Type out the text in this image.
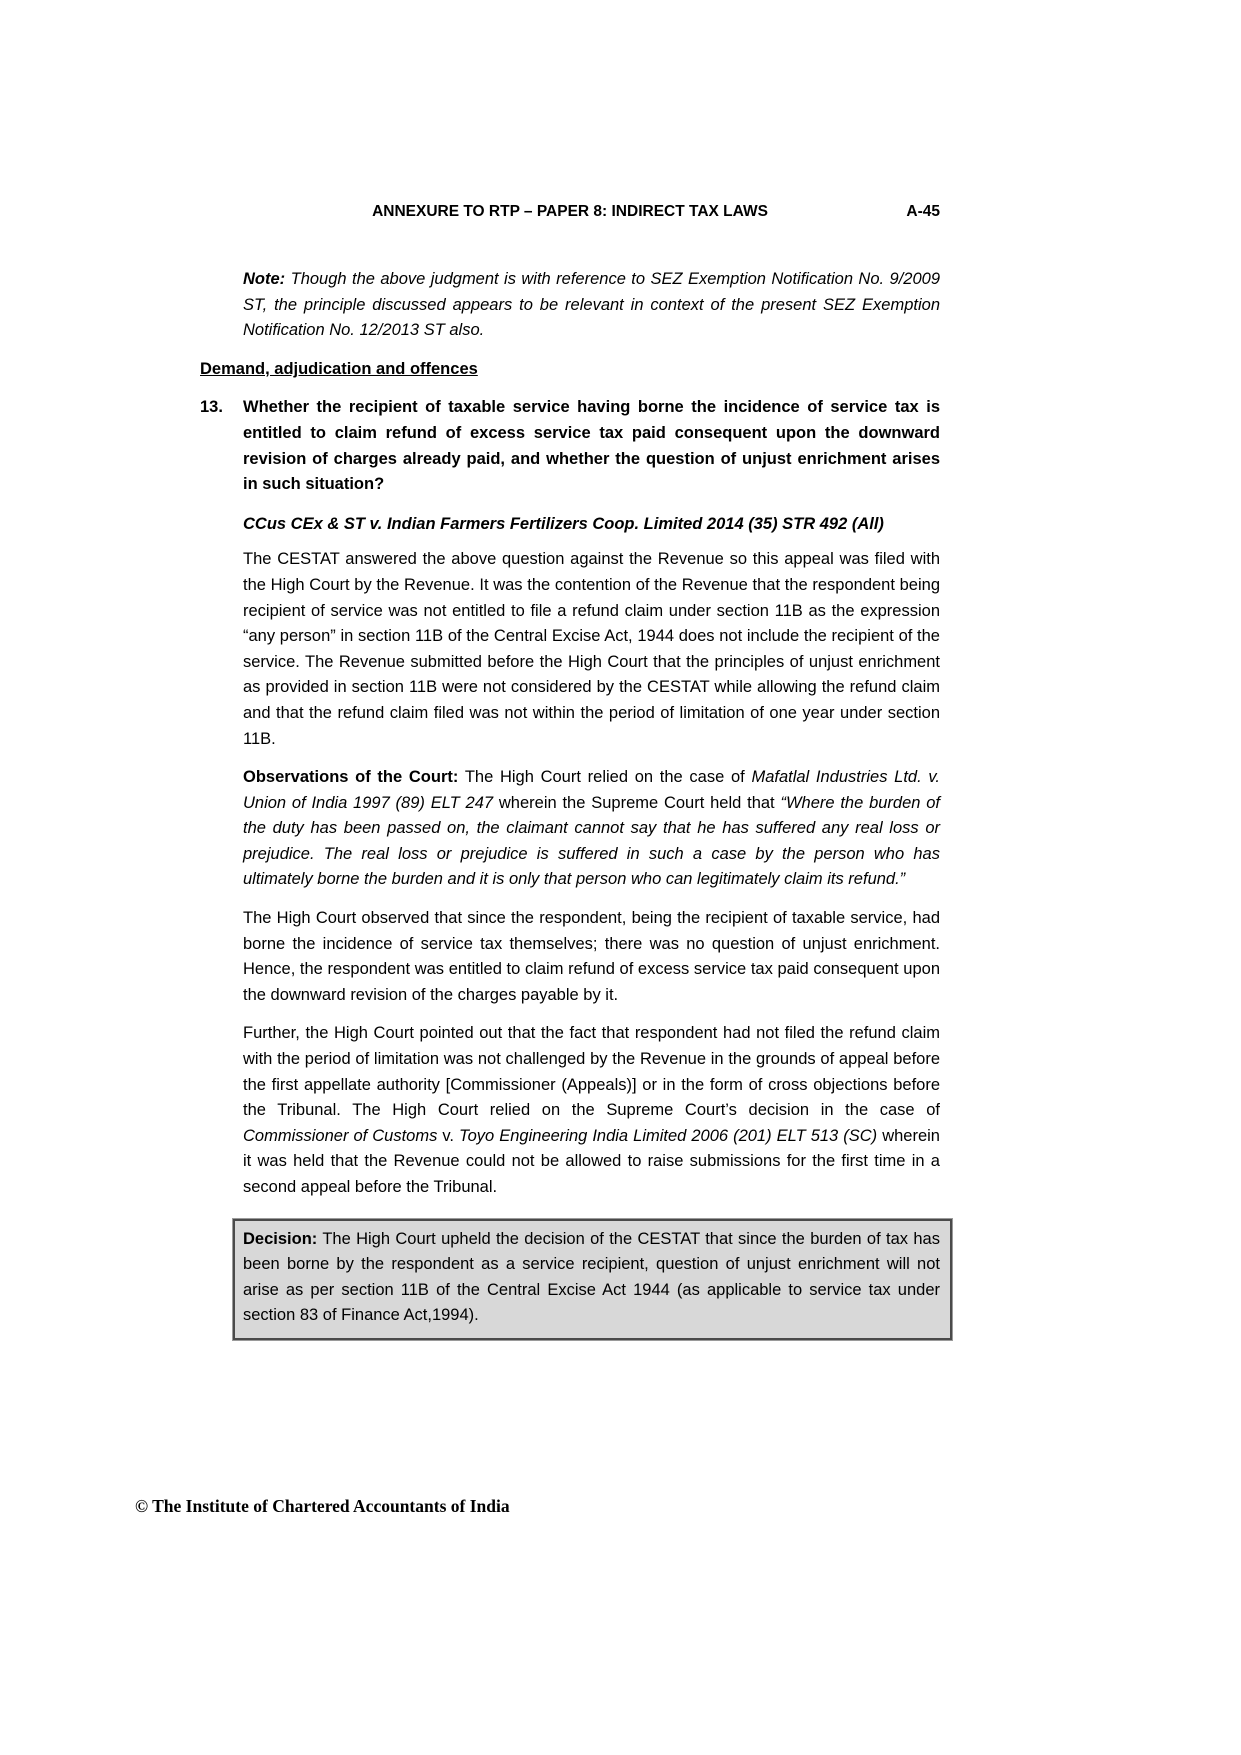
ANNEXURE TO RTP – PAPER 8: INDIRECT TAX LAWS	A-45

Note: Though the above judgment is with reference to SEZ Exemption Notification No. 9/2009 ST, the principle discussed appears to be relevant in context of the present SEZ Exemption Notification No. 12/2013 ST also.

Demand, adjudication and offences
13.	Whether the recipient of taxable service having borne the incidence of service tax is entitled to claim refund of excess service tax paid consequent upon the downward revision of charges already paid, and whether the question of unjust enrichment arises in such situation?

CCus CEx & ST v. Indian Farmers Fertilizers Coop. Limited 2014 (35) STR 492 (All)

The CESTAT answered the above question against the Revenue so this appeal was filed with the High Court by the Revenue. It was the contention of the Revenue that the respondent being recipient of service was not entitled to file a refund claim under section 11B as the expression “any person” in section 11B of the Central Excise Act, 1944 does not include the recipient of the service. The Revenue submitted before the High Court that the principles of unjust enrichment as provided in section 11B were not considered by the CESTAT while allowing the refund claim and that the refund claim filed was not within the period of limitation of one year under section 11B.

Observations of the Court: The High Court relied on the case of Mafatlal Industries Ltd. v. Union of India 1997 (89) ELT 247 wherein the Supreme Court held that “Where the burden of the duty has been passed on, the claimant cannot say that he has suffered any real loss or prejudice. The real loss or prejudice is suffered in such a case by the person who has ultimately borne the burden and it is only that person who can legitimately claim its refund.”

The High Court observed that since the respondent, being the recipient of taxable service, had borne the incidence of service tax themselves; there was no question of unjust enrichment. Hence, the respondent was entitled to claim refund of excess service tax paid consequent upon the downward revision of the charges payable by it.

Further, the High Court pointed out that the fact that respondent had not filed the refund claim with the period of limitation was not challenged by the Revenue in the grounds of appeal before the first appellate authority [Commissioner (Appeals)] or in the form of cross objections before the Tribunal. The High Court relied on the Supreme Court’s decision in the case of Commissioner of Customs v. Toyo Engineering India Limited 2006 (201) ELT 513 (SC) wherein it was held that the Revenue could not be allowed to raise submissions for the first time in a second appeal before the Tribunal.

Decision: The High Court upheld the decision of the CESTAT that since the burden of tax has been borne by the respondent as a service recipient, question of unjust enrichment will not arise as per section 11B of the Central Excise Act 1944 (as applicable to service tax under section 83 of Finance Act,1994).
© The Institute of Chartered Accountants of India
